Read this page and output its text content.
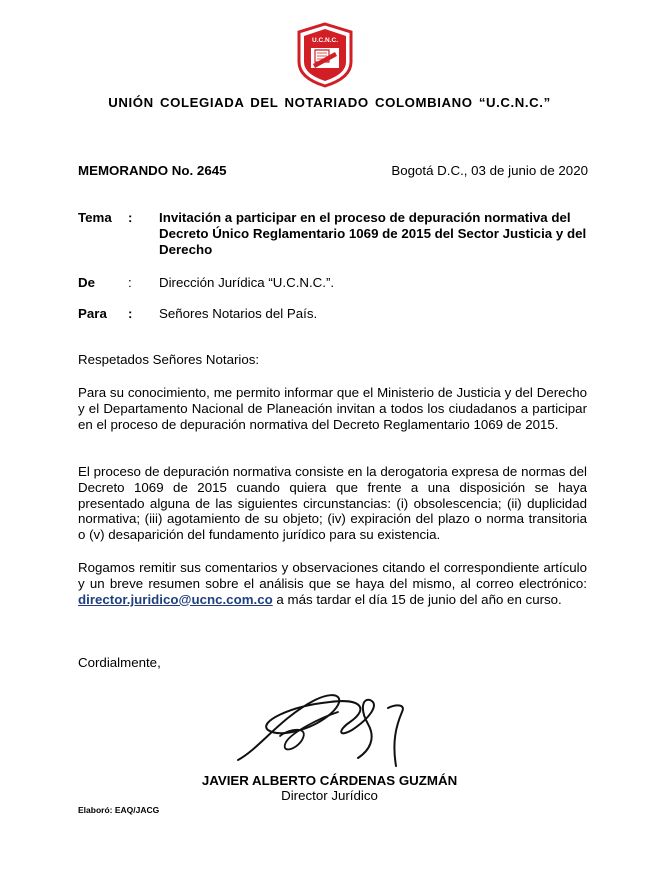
U.C.N.C.
UNIÓN COLEGIADA DEL NOTARIADO COLOMBIANO “U.C.N.C.”
MEMORANDO No. 2645	Bogotá D.C., 03 de junio de 2020
Tema : Invitación a participar en el proceso de depuración normativa del Decreto Único Reglamentario 1069 de 2015 del Sector Justicia y del Derecho
De : Dirección Jurídica “U.C.N.C.”.
Para : Señores Notarios del País.
Respetados Señores Notarios:
Para su conocimiento, me permito informar que el Ministerio de Justicia y del Derecho y el Departamento Nacional de Planeación invitan a todos los ciudadanos a participar en el proceso de depuración normativa del Decreto Reglamentario 1069 de 2015.
El proceso de depuración normativa consiste en la derogatoria expresa de normas del Decreto 1069 de 2015 cuando quiera que frente a una disposición se haya presentado alguna de las siguientes circunstancias: (i) obsolescencia; (ii) duplicidad normativa; (iii) agotamiento de su objeto; (iv) expiración del plazo o norma transitoria o (v) desaparición del fundamento jurídico para su existencia.
Rogamos remitir sus comentarios y observaciones citando el correspondiente artículo y un breve resumen sobre el análisis que se haya del mismo, al correo electrónico: director.juridico@ucnc.com.co a más tardar el día 15 de junio del año en curso.
Cordialmente,
JAVIER ALBERTO CÁRDENAS GUZMÁN
Director Jurídico
Elaboró: EAQ/JACG
